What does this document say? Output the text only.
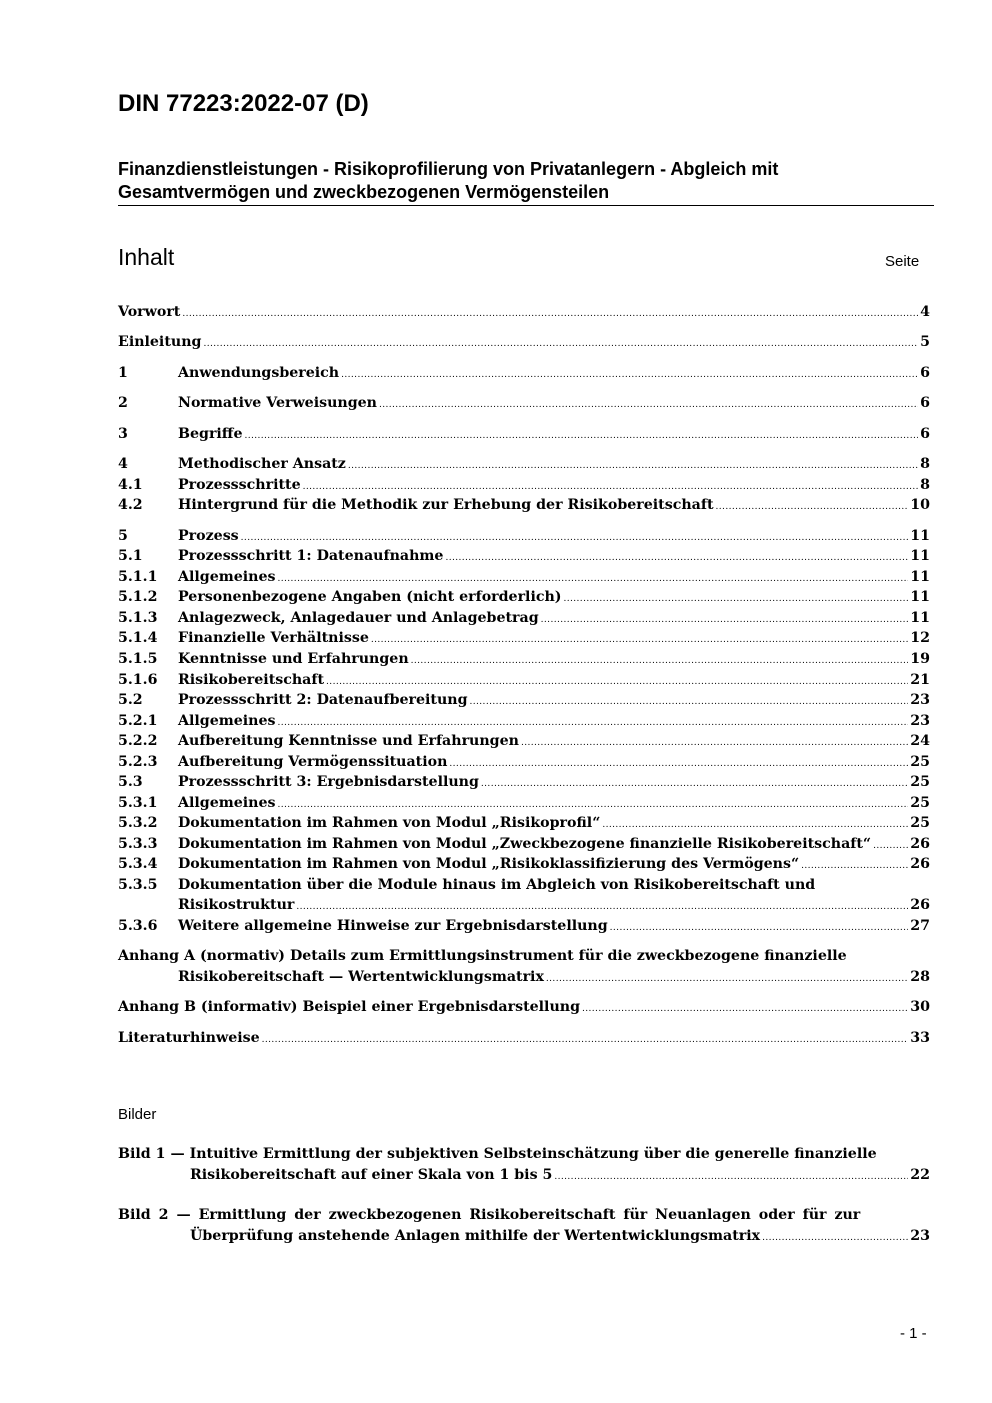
DIN 77223:2022-07 (D)
Finanzdienstleistungen - Risikoprofilierung von Privatanlegern - Abgleich mit
Gesamtvermögen und zweckbezogenen Vermögensteilen
Inhalt	Seite
Vorwort .....	4
Einleitung .....	5
1	Anwendungsbereich .....	6
2	Normative Verweisungen .....	6
3	Begriffe .....	6
4	Methodischer Ansatz .....	8
4.1	Prozessschritte .....	8
4.2	Hintergrund für die Methodik zur Erhebung der Risikobereitschaft .....	10
5	Prozess .....	11
5.1	Prozessschritt 1: Datenaufnahme .....	11
5.1.1	Allgemeines .....	11
5.1.2	Personenbezogene Angaben (nicht erforderlich) .....	11
5.1.3	Anlagezweck, Anlagedauer und Anlagebetrag .....	11
5.1.4	Finanzielle Verhältnisse .....	12
5.1.5	Kenntnisse und Erfahrungen .....	19
5.1.6	Risikobereitschaft .....	21
5.2	Prozessschritt 2: Datenaufbereitung .....	23
5.2.1	Allgemeines .....	23
5.2.2	Aufbereitung Kenntnisse und Erfahrungen .....	24
5.2.3	Aufbereitung Vermögenssituation .....	25
5.3	Prozessschritt 3: Ergebnisdarstellung .....	25
5.3.1	Allgemeines .....	25
5.3.2	Dokumentation im Rahmen von Modul „Risikoprofil“ .....	25
5.3.3	Dokumentation im Rahmen von Modul „Zweckbezogene finanzielle Risikobereitschaft“ .....	26
5.3.4	Dokumentation im Rahmen von Modul „Risikoklassifizierung des Vermögens“ .....	26
5.3.5 Dokumentation über die Module hinaus im Abgleich von Risikobereitschaft und
Risikostruktur .....	26
5.3.6	Weitere allgemeine Hinweise zur Ergebnisdarstellung .....	27
Anhang A (normativ) Details zum Ermittlungsinstrument für die zweckbezogene finanzielle
Risikobereitschaft — Wertentwicklungsmatrix .....	28
Anhang B (informativ) Beispiel einer Ergebnisdarstellung .....	30
Literaturhinweise .....	33
Bilder
Bild 1 — Intuitive Ermittlung der subjektiven Selbsteinschätzung über die generelle finanzielle
Risikobereitschaft auf einer Skala von 1 bis 5 .....	22
Bild 2 — Ermittlung der zweckbezogenen Risikobereitschaft für Neuanlagen oder für zur
Überprüfung anstehende Anlagen mithilfe der Wertentwicklungsmatrix .....	23
- 1 -
